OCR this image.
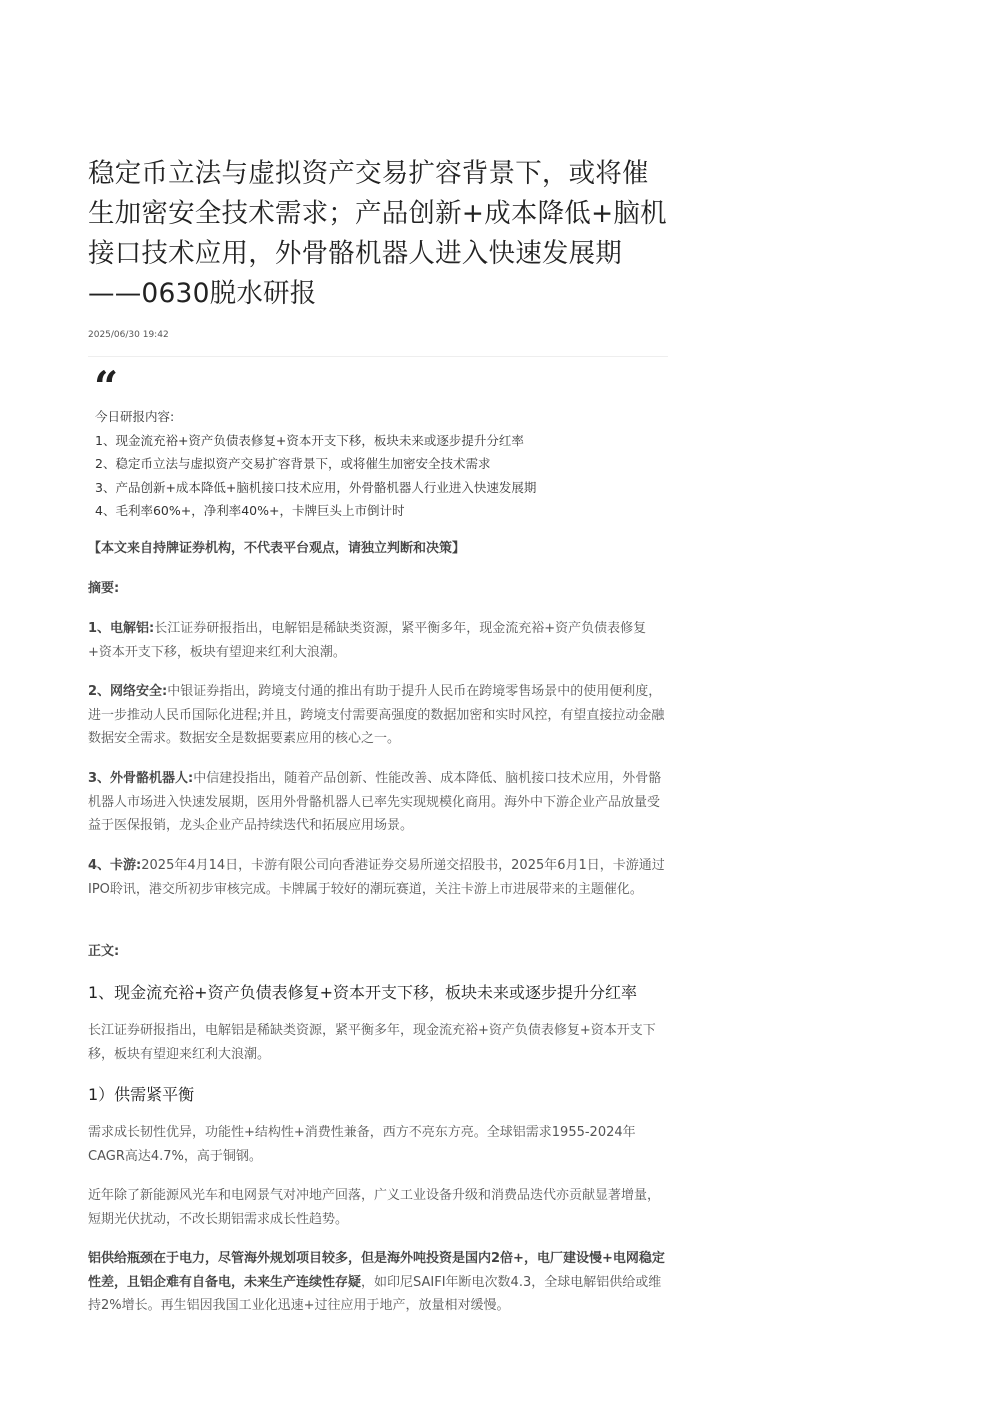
稳定币立法与虚拟资产交易扩容背景下，或将催生加密安全技术需求；产品创新+成本降低+脑机接口技术应用，外骨骼机器人进入快速发展期——0630脱水研报
2025/06/30 19:42
“
今日研报内容:
1、现金流充裕+资产负债表修复+资本开支下移，板块未来或逐步提升分红率
2、稳定币立法与虚拟资产交易扩容背景下，或将催生加密安全技术需求
3、产品创新+成本降低+脑机接口技术应用，外骨骼机器人行业进入快速发展期
4、毛利率60%+，净利率40%+，卡牌巨头上市倒计时
【本文来自持牌证券机构，不代表平台观点，请独立判断和决策】
摘要:
1、电解铝:长江证券研报指出，电解铝是稀缺类资源，紧平衡多年，现金流充裕+资产负债表修复+资本开支下移，板块有望迎来红利大浪潮。
2、网络安全:中银证券指出，跨境支付通的推出有助于提升人民币在跨境零售场景中的使用便利度，进一步推动人民币国际化进程;并且，跨境支付需要高强度的数据加密和实时风控，有望直接拉动金融数据安全需求。数据安全是数据要素应用的核心之一。
3、外骨骼机器人:中信建投指出，随着产品创新、性能改善、成本降低、脑机接口技术应用，外骨骼机器人市场进入快速发展期，医用外骨骼机器人已率先实现规模化商用。海外中下游企业产品放量受益于医保报销，龙头企业产品持续迭代和拓展应用场景。
4、卡游:2025年4月14日，卡游有限公司向香港证券交易所递交招股书，2025年6月1日，卡游通过IPO聆讯，港交所初步审核完成。卡牌属于较好的潮玩赛道，关注卡游上市进展带来的主题催化。
正文:
1、现金流充裕+资产负债表修复+资本开支下移，板块未来或逐步提升分红率
长江证券研报指出，电解铝是稀缺类资源，紧平衡多年，现金流充裕+资产负债表修复+资本开支下移，板块有望迎来红利大浪潮。
1）供需紧平衡
需求成长韧性优异，功能性+结构性+消费性兼备，西方不亮东方亮。全球铝需求1955-2024年CAGR高达4.7%，高于铜钢。
近年除了新能源风光车和电网景气对冲地产回落，广义工业设备升级和消费品迭代亦贡献显著增量，短期光伏扰动，不改长期铝需求成长性趋势。
铝供给瓶颈在于电力，尽管海外规划项目较多，但是海外吨投资是国内2倍+，电厂建设慢+电网稳定性差，且铝企难有自备电，未来生产连续性存疑，如印尼SAIFI年断电次数4.3，全球电解铝供给或维持2%增长。再生铝因我国工业化迅速+过往应用于地产，放量相对缓慢。
